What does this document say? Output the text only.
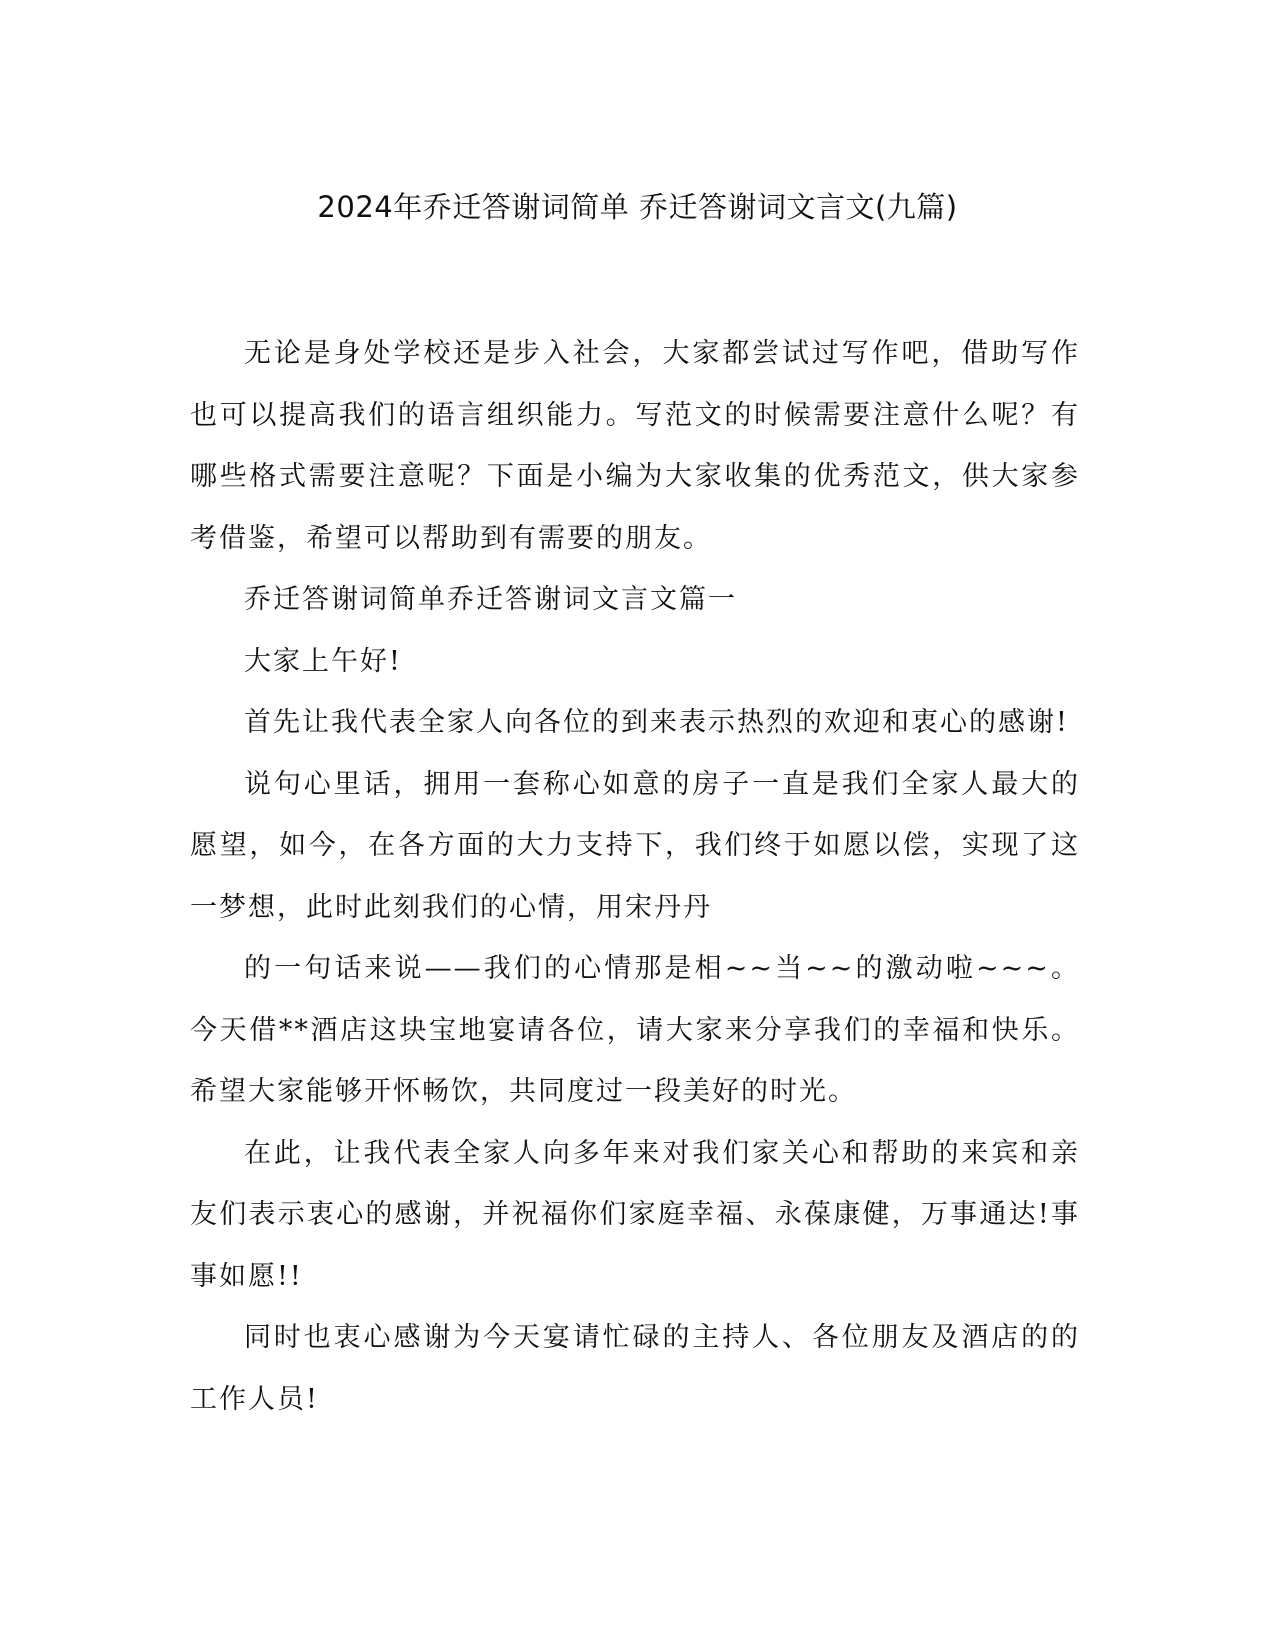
2024年乔迁答谢词简单 乔迁答谢词文言文(九篇)

无论是身处学校还是步入社会，大家都尝试过写作吧，借助写作也可以提高我们的语言组织能力。写范文的时候需要注意什么呢？有哪些格式需要注意呢？下面是小编为大家收集的优秀范文，供大家参考借鉴，希望可以帮助到有需要的朋友。

乔迁答谢词简单乔迁答谢词文言文篇一

大家上午好!

首先让我代表全家人向各位的到来表示热烈的欢迎和衷心的感谢!

说句心里话，拥用一套称心如意的房子一直是我们全家人最大的愿望，如今，在各方面的大力支持下，我们终于如愿以偿，实现了这一梦想，此时此刻我们的心情，用宋丹丹

的一句话来说——我们的心情那是相~~当~~的激动啦~~~。今天借**酒店这块宝地宴请各位，请大家来分享我们的幸福和快乐。希望大家能够开怀畅饮，共同度过一段美好的时光。

在此，让我代表全家人向多年来对我们家关心和帮助的来宾和亲友们表示衷心的感谢，并祝福你们家庭幸福、永葆康健，万事通达!事事如愿!!

同时也衷心感谢为今天宴请忙碌的主持人、各位朋友及酒店的的工作人员!
